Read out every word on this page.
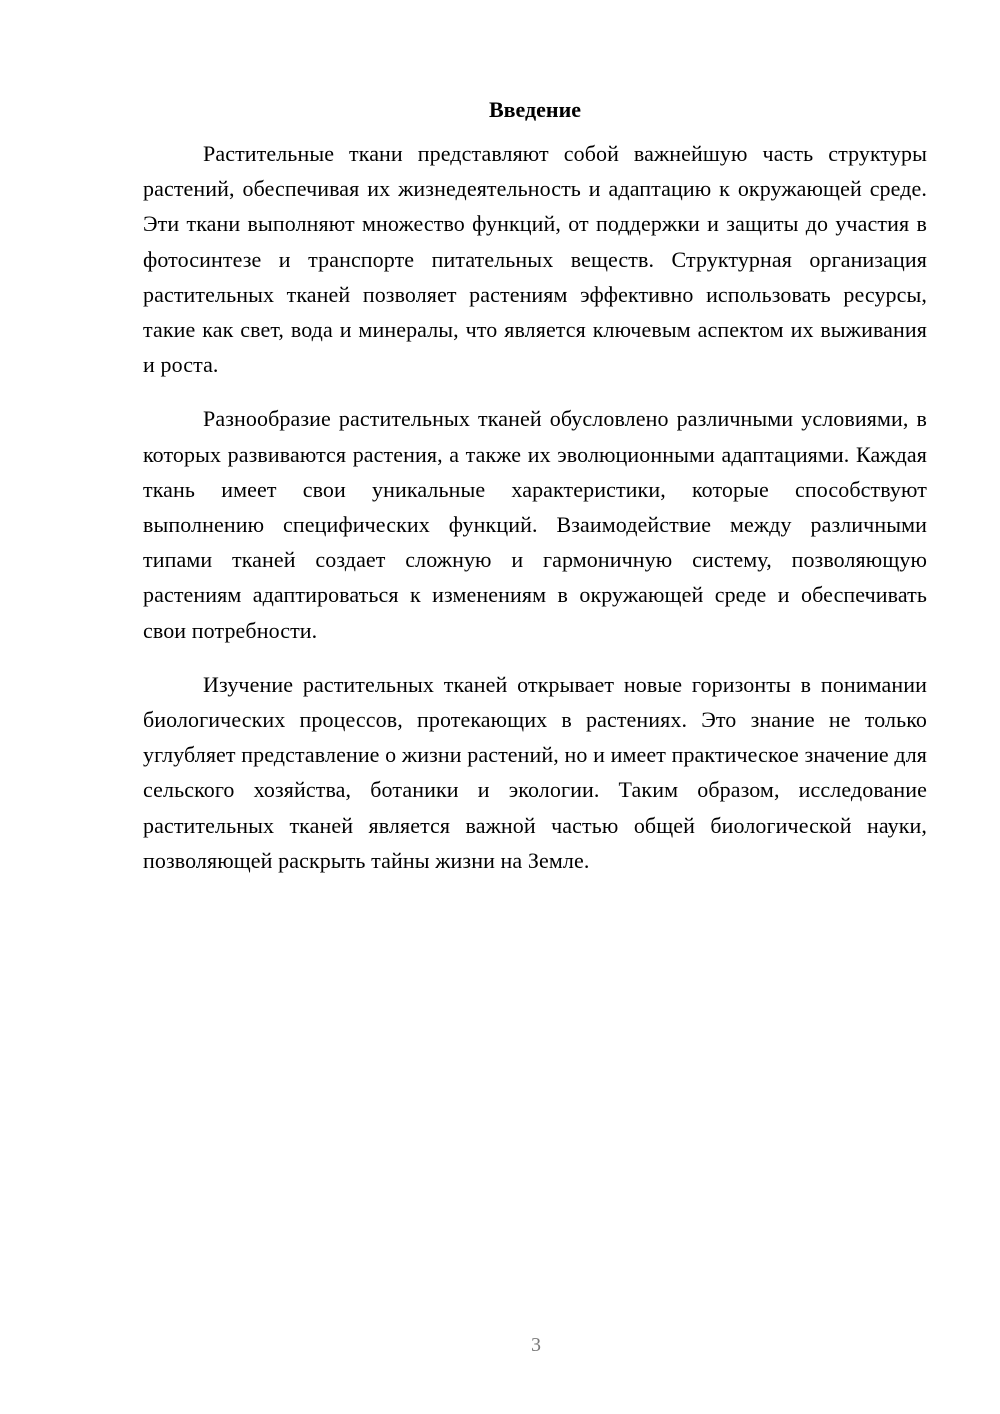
Введение

Растительные ткани представляют собой важнейшую часть структуры растений, обеспечивая их жизнедеятельность и адаптацию к окружающей среде. Эти ткани выполняют множество функций, от поддержки и защиты до участия в фотосинтезе и транспорте питательных веществ. Структурная организация растительных тканей позволяет растениям эффективно использовать ресурсы, такие как свет, вода и минералы, что является ключевым аспектом их выживания и роста.

Разнообразие растительных тканей обусловлено различными условиями, в которых развиваются растения, а также их эволюционными адаптациями. Каждая ткань имеет свои уникальные характеристики, которые способствуют выполнению специфических функций. Взаимодействие между различными типами тканей создает сложную и гармоничную систему, позволяющую растениям адаптироваться к изменениям в окружающей среде и обеспечивать свои потребности.

Изучение растительных тканей открывает новые горизонты в понимании биологических процессов, протекающих в растениях. Это знание не только углубляет представление о жизни растений, но и имеет практическое значение для сельского хозяйства, ботаники и экологии. Таким образом, исследование растительных тканей является важной частью общей биологической науки, позволяющей раскрыть тайны жизни на Земле.

3
